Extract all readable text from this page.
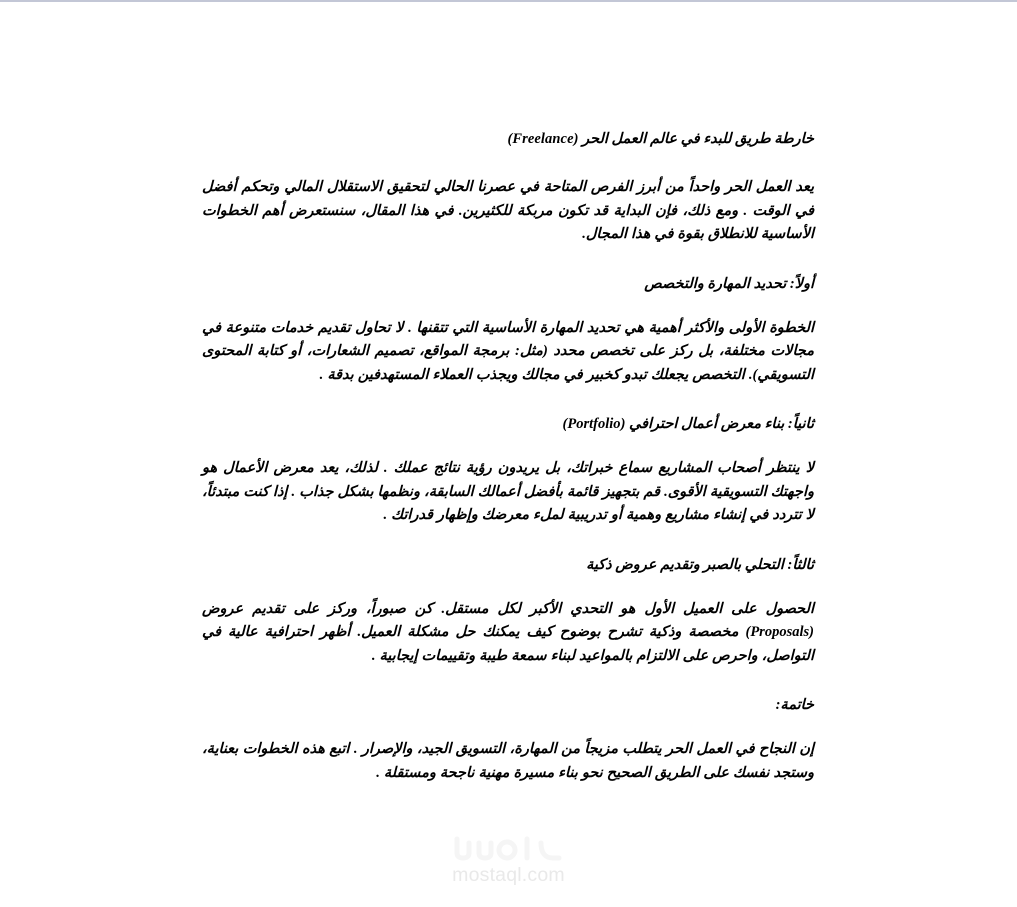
خارطة طريق للبدء في عالم العمل الحر (Freelance)

يعد العمل الحر واحداً من أبرز الفرص المتاحة في عصرنا الحالي لتحقيق الاستقلال المالي وتحكم أفضل في الوقت . ومع ذلك، فإن البداية قد تكون مربكة للكثيرين. في هذا المقال، سنستعرض أهم الخطوات الأساسية للانطلاق بقوة في هذا المجال.

أولاً: تحديد المهارة والتخصص

الخطوة الأولى والأكثر أهمية هي تحديد المهارة الأساسية التي تتقنها . لا تحاول تقديم خدمات متنوعة في مجالات مختلفة، بل ركز على تخصص محدد (مثل: برمجة المواقع، تصميم الشعارات، أو كتابة المحتوى التسويقي). التخصص يجعلك تبدو كخبير في مجالك ويجذب العملاء المستهدفين بدقة .

ثانياً: بناء معرض أعمال احترافي (Portfolio)

لا ينتظر أصحاب المشاريع سماع خبراتك، بل يريدون رؤية نتائج عملك . لذلك، يعد معرض الأعمال هو واجهتك التسويقية الأقوى. قم بتجهيز قائمة بأفضل أعمالك السابقة، ونظمها بشكل جذاب . إذا كنت مبتدئاً، لا تتردد في إنشاء مشاريع وهمية أو تدريبية لملء معرضك وإظهار قدراتك .

ثالثاً: التحلي بالصبر وتقديم عروض ذكية

الحصول على العميل الأول هو التحدي الأكبر لكل مستقل. كن صبوراً، وركز على تقديم عروض (Proposals) مخصصة وذكية تشرح بوضوح كيف يمكنك حل مشكلة العميل. أظهر احترافية عالية في التواصل، واحرص على الالتزام بالمواعيد لبناء سمعة طيبة وتقييمات إيجابية .

خاتمة:

إن النجاح في العمل الحر يتطلب مزيجاً من المهارة، التسويق الجيد، والإصرار . اتبع هذه الخطوات بعناية، وستجد نفسك على الطريق الصحيح نحو بناء مسيرة مهنية ناجحة ومستقلة .

mostaql.com
